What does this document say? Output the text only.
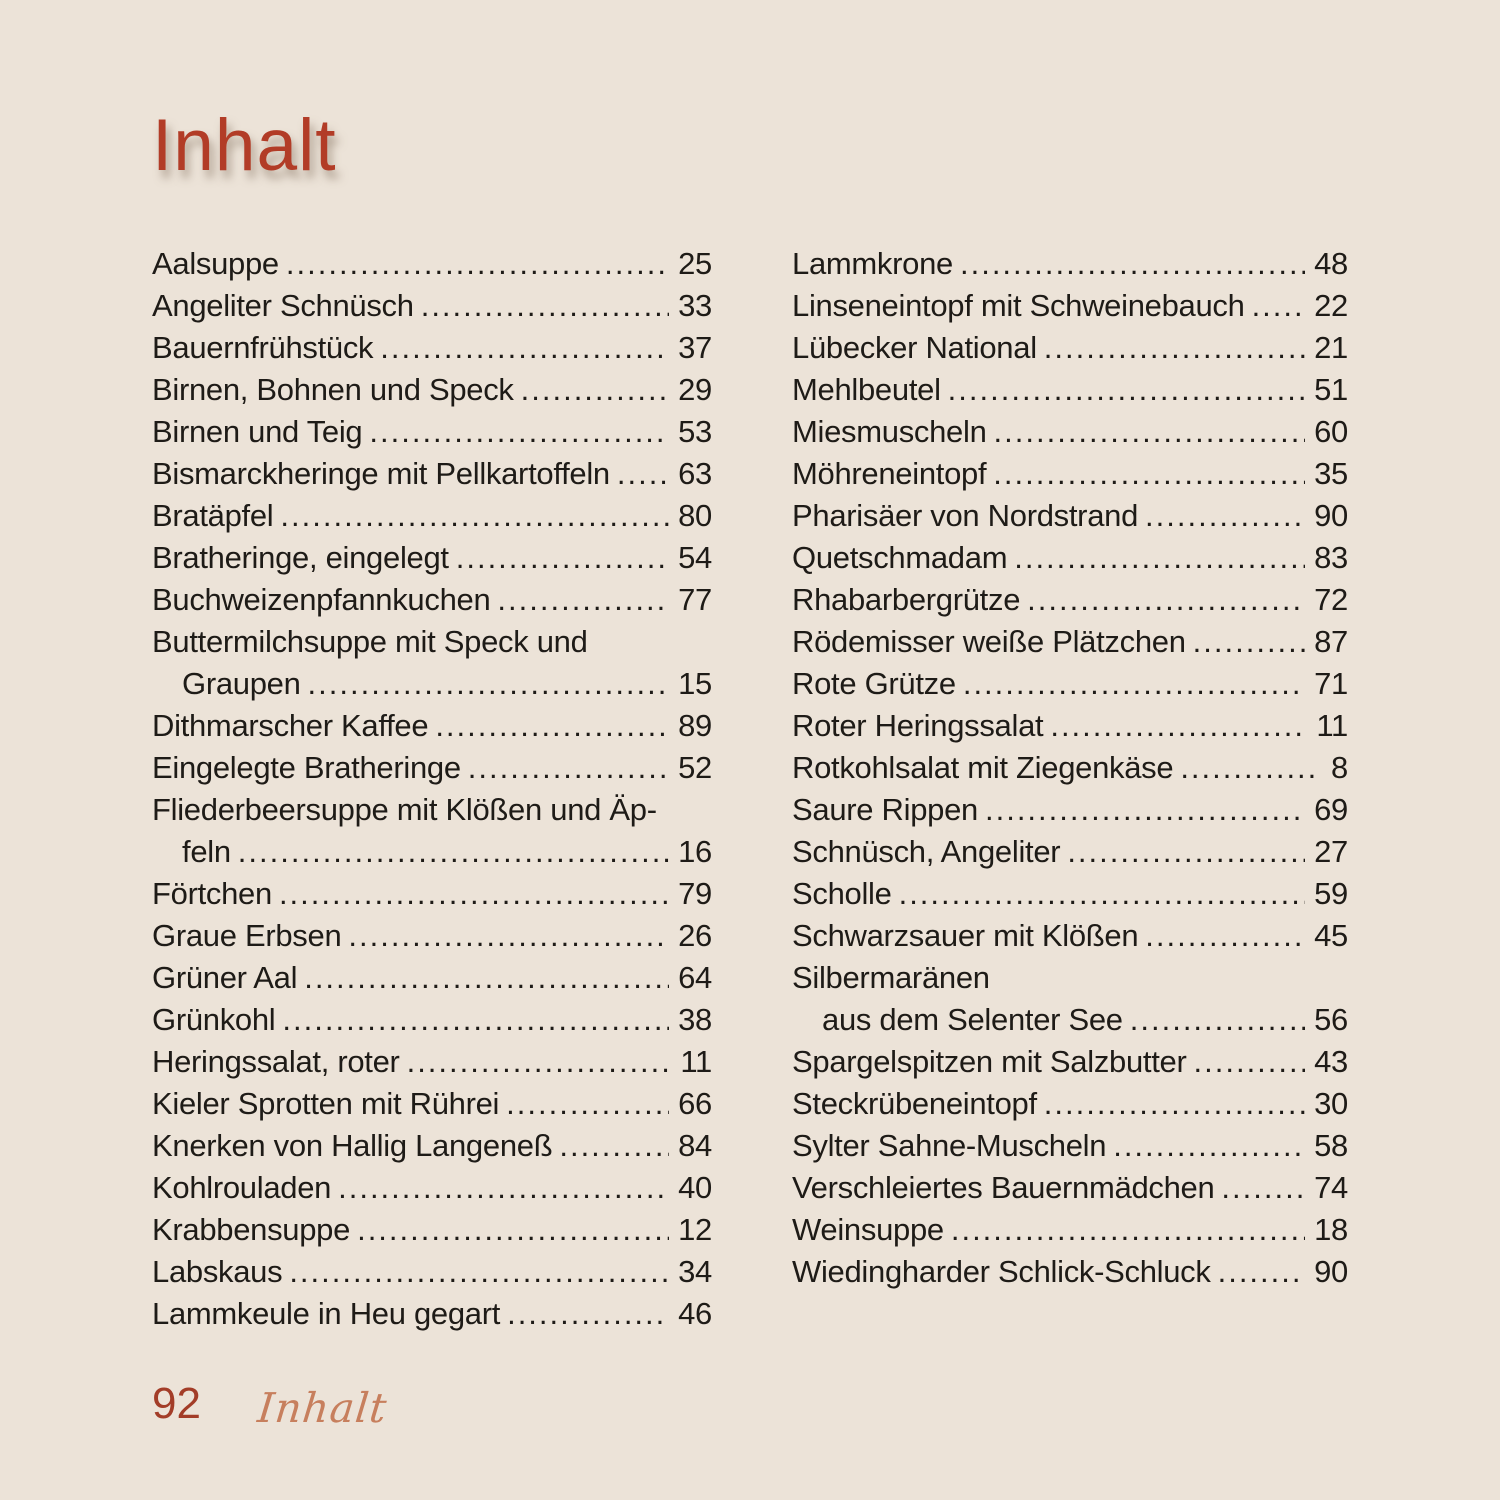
Inhalt
Aalsuppe .....	25
Angeliter Schnüsch .....	33
Bauernfrühstück .....	37
Birnen, Bohnen und Speck .....	29
Birnen und Teig .....	53
Bismarckheringe mit Pellkartoffeln ..... 63
Bratäpfel .....	80
Bratheringe, eingelegt .....	54
Buchweizenpfannkuchen .....	77
Buttermilchsuppe mit Speck und
Graupen .....	15
Dithmarscher Kaffee .....	89
Eingelegte Bratheringe .....	52
Fliederbeersuppe mit Klößen und Äp-
feln .....	16
Förtchen .....	79
Graue Erbsen .....	26
Grüner Aal .....	64
Grünkohl .....	38
Heringssalat, roter .....	11
Kieler Sprotten mit Rührei .....	66
Knerken von Hallig Langeneß .....	84
Kohlrouladen .....	40
Krabbensuppe .....	12
Labskaus .....	34
Lammkeule in Heu gegart .....	46
Lammkrone .....	48
Linseneintopf mit Schweinebauch ..... 22
Lübecker National .....	21
Mehlbeutel .....	51
Miesmuscheln .....	60
Möhreneintopf .....	35
Pharisäer von Nordstrand .....	90
Quetschmadam .....	83
Rhabarbergrütze .....	72
Rödemisser weiße Plätzchen .....	87
Rote Grütze .....	71
Roter Heringssalat .....	11
Rotkohlsalat mit Ziegenkäse .....	8
Saure Rippen .....	69
Schnüsch, Angeliter .....	27
Scholle .....	59
Schwarzsauer mit Klößen .....	45
Silbermaränen
aus dem Selenter See .....	56
Spargelspitzen mit Salzbutter .....	43
Steckrübeneintopf .....	30
Sylter Sahne-Muscheln .....	58
Verschleiertes Bauernmädchen .....	74
Weinsuppe .....	18
Wiedingharder Schlick-Schluck .....	90
92 Inhalt
